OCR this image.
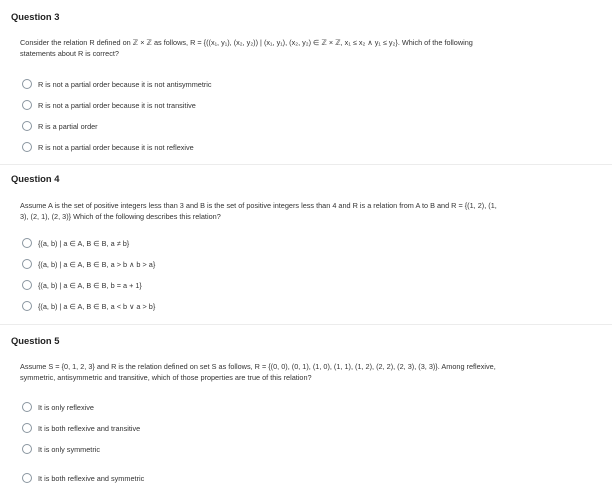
Question 3
Consider the relation R defined on ℤ × ℤ as follows, R = {((x₁, y₁), (x₂, y₂)) | (x₁, y₁), (x₂, y₂) ∈ ℤ × ℤ, x₁ ≤ x₂ ∧ y₁ ≤ y₂}. Which of the following
statements about R is correct?
R is not a partial order because it is not antisymmetric
R is not a partial order because it is not transitive
R is a partial order
R is not a partial order because it is not reflexive
Question 4
Assume A is the set of positive integers less than 3 and B is the set of positive integers less than 4 and R is a relation from A to B and R = {(1, 2), (1,
3), (2, 1), (2, 3)} Which of the following describes this relation?
{(a, b) | a ∈ A, B ∈ B, a ≠ b}
{(a, b) | a ∈ A, B ∈ B, a > b ∧ b > a}
{(a, b) | a ∈ A, B ∈ B, b = a + 1}
{(a, b) | a ∈ A, B ∈ B, a < b ∨ a > b}
Question 5
Assume S = {0, 1, 2, 3} and R is the relation defined on set S as follows, R = {(0, 0), (0, 1), (1, 0), (1, 1), (1, 2), (2, 2), (2, 3), (3, 3)}. Among reflexive,
symmetric, antisymmetric and transitive, which of those properties are true of this relation?
It is only reflexive
It is both reflexive and transitive
It is only symmetric
It is both reflexive and symmetric
